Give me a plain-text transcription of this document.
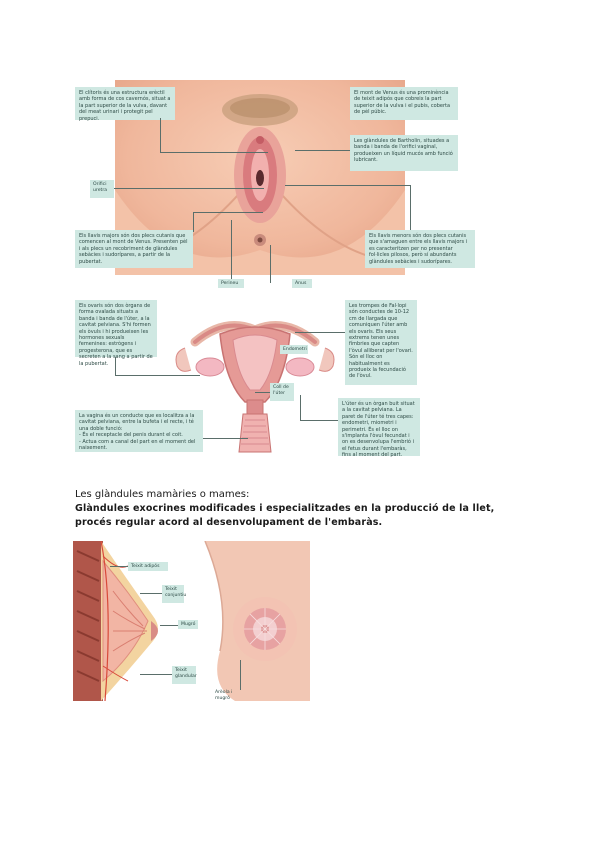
El clítoris és una estructura erèctil amb forma de cos cavernós, situat a la part superior de la vulva, davant del meat urinari i protegit pel prepuci.
El mont de Venus és una prominència de teixit adipós que cobreix la part superior de la vulva i el pubis, coberta de pèl púbic.
Les glàndules de Bartholin, situades a banda i banda de l'orifici vaginal, produeixen un líquid mucós amb funció lubricant.
Orifici uretra
Els llavis majors són dos plecs cutanis que comencen al mont de Venus. Presenten pèl i als plecs un recobriment de glàndules sebàcies i sudorípares, a partir de la pubertat.
Els llavis menors són dos plecs cutanis que s'amaguen entre els llavis majors i es caracteritzen per no presentar fol·licles pilosos, però sí abundants glàndules sebàcies i sudorípares.
Perineu	Anus
Els ovaris són dos òrgans de forma ovalada situats a banda i banda de l'úter, a la cavitat pelviana. S'hi formen els òvuls i hi produeixen les hormones sexuals femenines: estrògens i progesterona, que es secreten a la sang a partir de la pubertat.
Les trompes de Fal·lopi són conductes de 10-12 cm de llargada que comuniquen l'úter amb els ovaris. Els seus extrems tenen unes fímbries que capten l'òvul alliberat per l'ovari. Són el lloc on habitualment es produeix la fecundació de l'òvul.
Endometri
Coll de l'úter
La vagina és un conducte que es localitza a la cavitat pelviana, entre la bufeta i el recte, i té una doble funció:
- És el receptacle del penis durant el coit.
- Actua com a canal del part en el moment del naixement.
L'úter és un òrgan buit situat a la cavitat pelviana. La paret de l'úter té tres capes: endometri, miometri i perimetri. És el lloc on s'implanta l'òvul fecundat i on es desenvolupa l'embrió i el fetus durant l'embaràs, fins al moment del part.
Les glàndules mamàries o mames:
Glàndules exocrines modificades i especialitzades en la producció de la llet, procés regular acord al desenvolupament de l'embaràs.
Teixit adipós
Teixit conjuntiu
Mugró
Teixit glandular
Arèola i mugró
